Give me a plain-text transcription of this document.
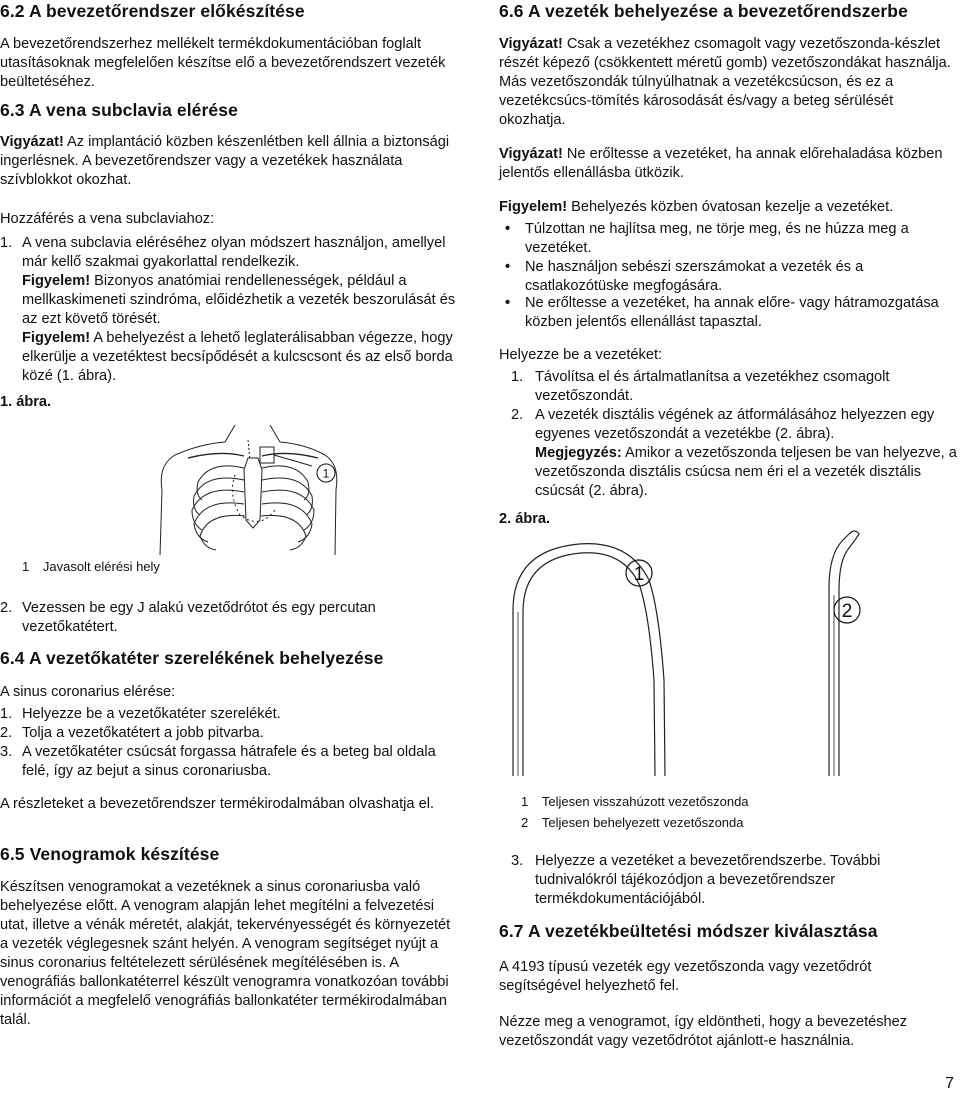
6.2 A bevezetőrendszer előkészítése

A bevezetőrendszerhez mellékelt termékdokumentációban foglalt utasításoknak megfelelően készítse elő a bevezetőrendszert vezeték beültetéséhez.

6.3 A vena subclavia elérése

Vigyázat! Az implantáció közben készenlétben kell állnia a biztonsági ingerlésnek. A bevezetőrendszer vagy a vezetékek használata szívblokkot okozhat.

Hozzáférés a vena subclaviahoz:

1. A vena subclavia eléréséhez olyan módszert használjon, amellyel már kellő szakmai gyakorlattal rendelkezik.
Figyelem! Bizonyos anatómiai rendellenességek, például a mellkaskimeneti szindróma, előidézhetik a vezeték beszorulását és az ezt követő törését.
Figyelem! A behelyezést a lehető leglaterálisabban végezze, hogy elkerülje a vezetéktest becsípődését a kulcscsont és az első borda közé (1. ábra).

1. ábra.

1
1 Javasolt elérési hely
2. Vezessen be egy J alakú vezetődrótot és egy percutan vezetőkatétert.
6.4 A vezetőkatéter szerelékének behelyezése

A sinus coronarius elérése:

1. Helyezze be a vezetőkatéter szerelékét.
2. Tolja a vezetőkatétert a jobb pitvarba.
3. A vezetőkatéter csúcsát forgassa hátrafele és a beteg bal oldala felé, így az bejut a sinus coronariusba.

A részleteket a bevezetőrendszer termékirodalmában olvashatja el.

6.5 Venogramok készítése

Készítsen venogramokat a vezetéknek a sinus coronariusba való behelyezése előtt. A venogram alapján lehet megítélni a felvezetési utat, illetve a vénák méretét, alakját, tekervényességét és környezetét a vezeték véglegesnek szánt helyén. A venogram segítséget nyújt a sinus coronarius feltételezett sérülésének megítélésében is. A venográfiás ballonkatéterrel készült venogramra vonatkozóan további információt a megfelelő venográfiás ballonkatéter termékirodalmában talál.

6.6 A vezeték behelyezése a bevezetőrendszerbe

Vigyázat! Csak a vezetékhez csomagolt vagy vezetőszonda-készlet részét képező (csökkentett méretű gomb) vezetőszondákat használja. Más vezetőszondák túlnyúlhatnak a vezetékcsúcson, és ez a vezetékcsúcs-tömítés károsodását és/vagy a beteg sérülését okozhatja.

Vigyázat! Ne erőltesse a vezetéket, ha annak előrehaladása közben jelentős ellenállásba ütközik.

Figyelem! Behelyezés közben óvatosan kezelje a vezetéket.

• Túlzottan ne hajlítsa meg, ne törje meg, és ne húzza meg a vezetéket.
• Ne használjon sebészi szerszámokat a vezeték és a csatlakozótüske megfogására.
• Ne erőltesse a vezetéket, ha annak előre- vagy hátramozgatása közben jelentős ellenállást tapasztal.

Helyezze be a vezetéket:

1. Távolítsa el és ártalmatlanítsa a vezetékhez csomagolt vezetőszondát.
2. A vezeték disztális végének az átformálásához helyezzen egy egyenes vezetőszondát a vezetékbe (2. ábra).
Megjegyzés: Amikor a vezetőszonda teljesen be van helyezve, a vezetőszonda disztális csúcsa nem éri el a vezeték disztális csúcsát (2. ábra).

2. ábra.

1
2
1 Teljesen visszahúzott vezetőszonda
2 Teljesen behelyezett vezetőszonda
3. Helyezze a vezetéket a bevezetőrendszerbe. További tudnivalókról tájékozódjon a bevezetőrendszer termékdokumentációjából.
6.7 A vezetékbeültetési módszer kiválasztása

A 4193 típusú vezeték egy vezetőszonda vagy vezetődrót segítségével helyezhető fel.

Nézze meg a venogramot, így eldöntheti, hogy a bevezetéshez vezetőszondát vagy vezetődrótot ajánlott-e használnia.

7
